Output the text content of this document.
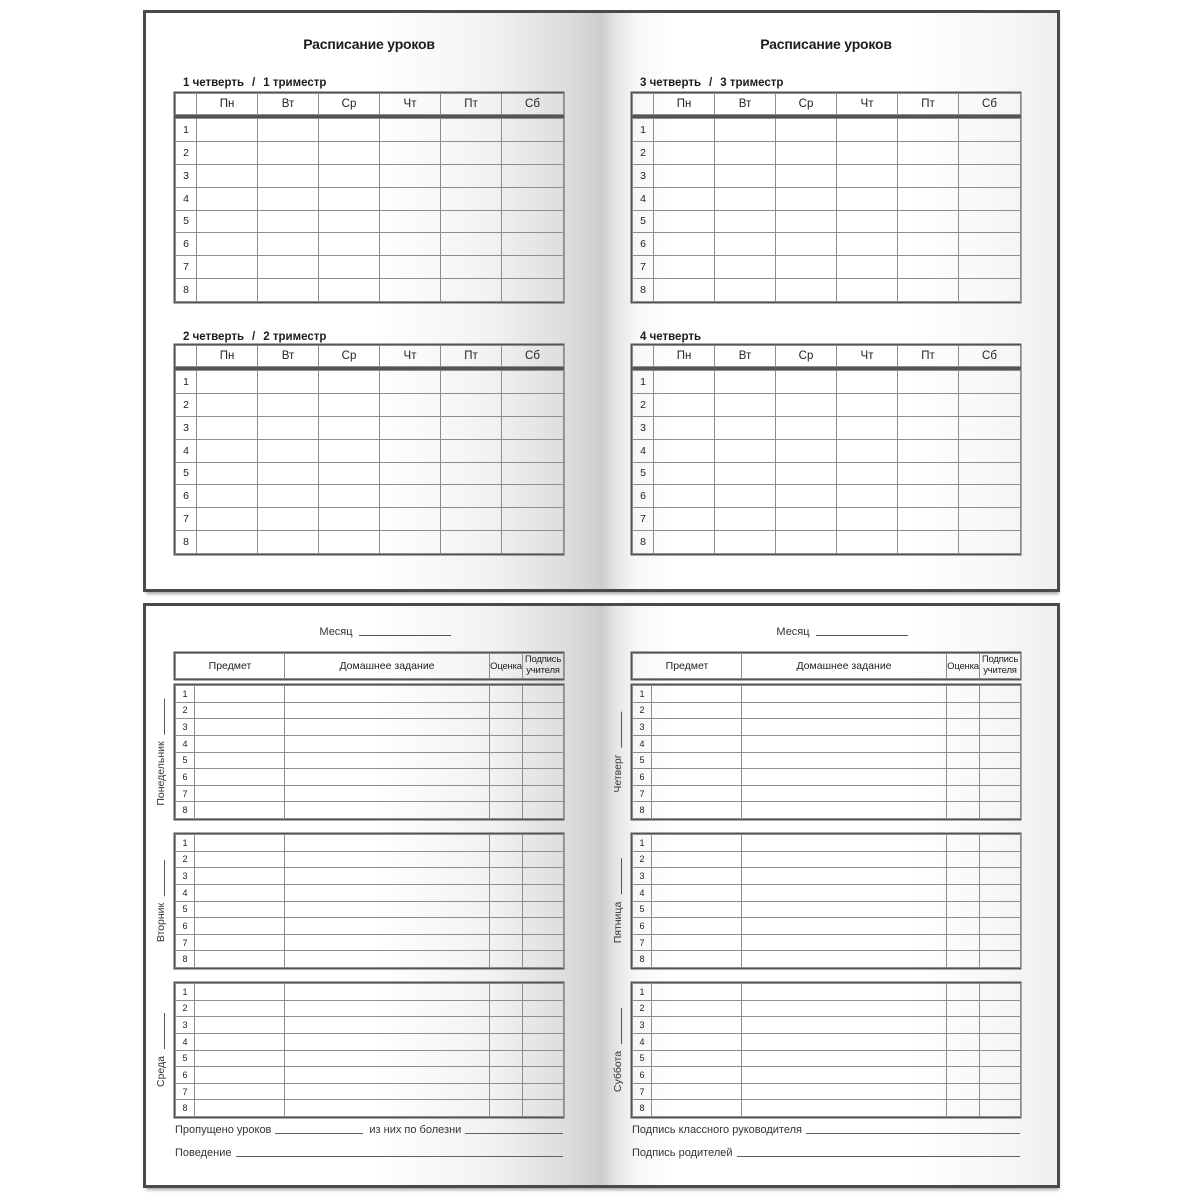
Расписание уроков	Расписание уроков
1 четверть / 1 триместр
	Пн	Вт	Ср	Чт	Пт	Сб
1						
2						
3						
4						
5						
6						
7						
8						
2 четверть / 2 триместр
	Пн	Вт	Ср	Чт	Пт	Сб
1						
2						
3						
4						
5						
6						
7						
8						
3 четверть / 3 триместр
	Пн	Вт	Ср	Чт	Пт	Сб
1						
2						
3						
4						
5						
6						
7						
8						
4 четверть
	Пн	Вт	Ср	Чт	Пт	Сб
1						
2						
3						
4						
5						
6						
7						
8						
Месяц	Месяц
Предмет	Домашнее задание	Оценка	Подпись учителя	Предмет	Домашнее задание	Оценка	Подпись учителя
Понедельник
1				
2				
3				
4				
5				
6				
7				
8				
Вторник
1				
2				
3				
4				
5				
6				
7				
8				
Среда
1				
2				
3				
4				
5				
6				
7				
8				
Четверг
1				
2				
3				
4				
5				
6				
7				
8				
Пятница
1				
2				
3				
4				
5				
6				
7				
8				
Суббота
1				
2				
3				
4				
5				
6				
7				
8				
Пропущено уроков	из них по болезни
Поведение
Подпись классного руководителя
Подпись родителей
